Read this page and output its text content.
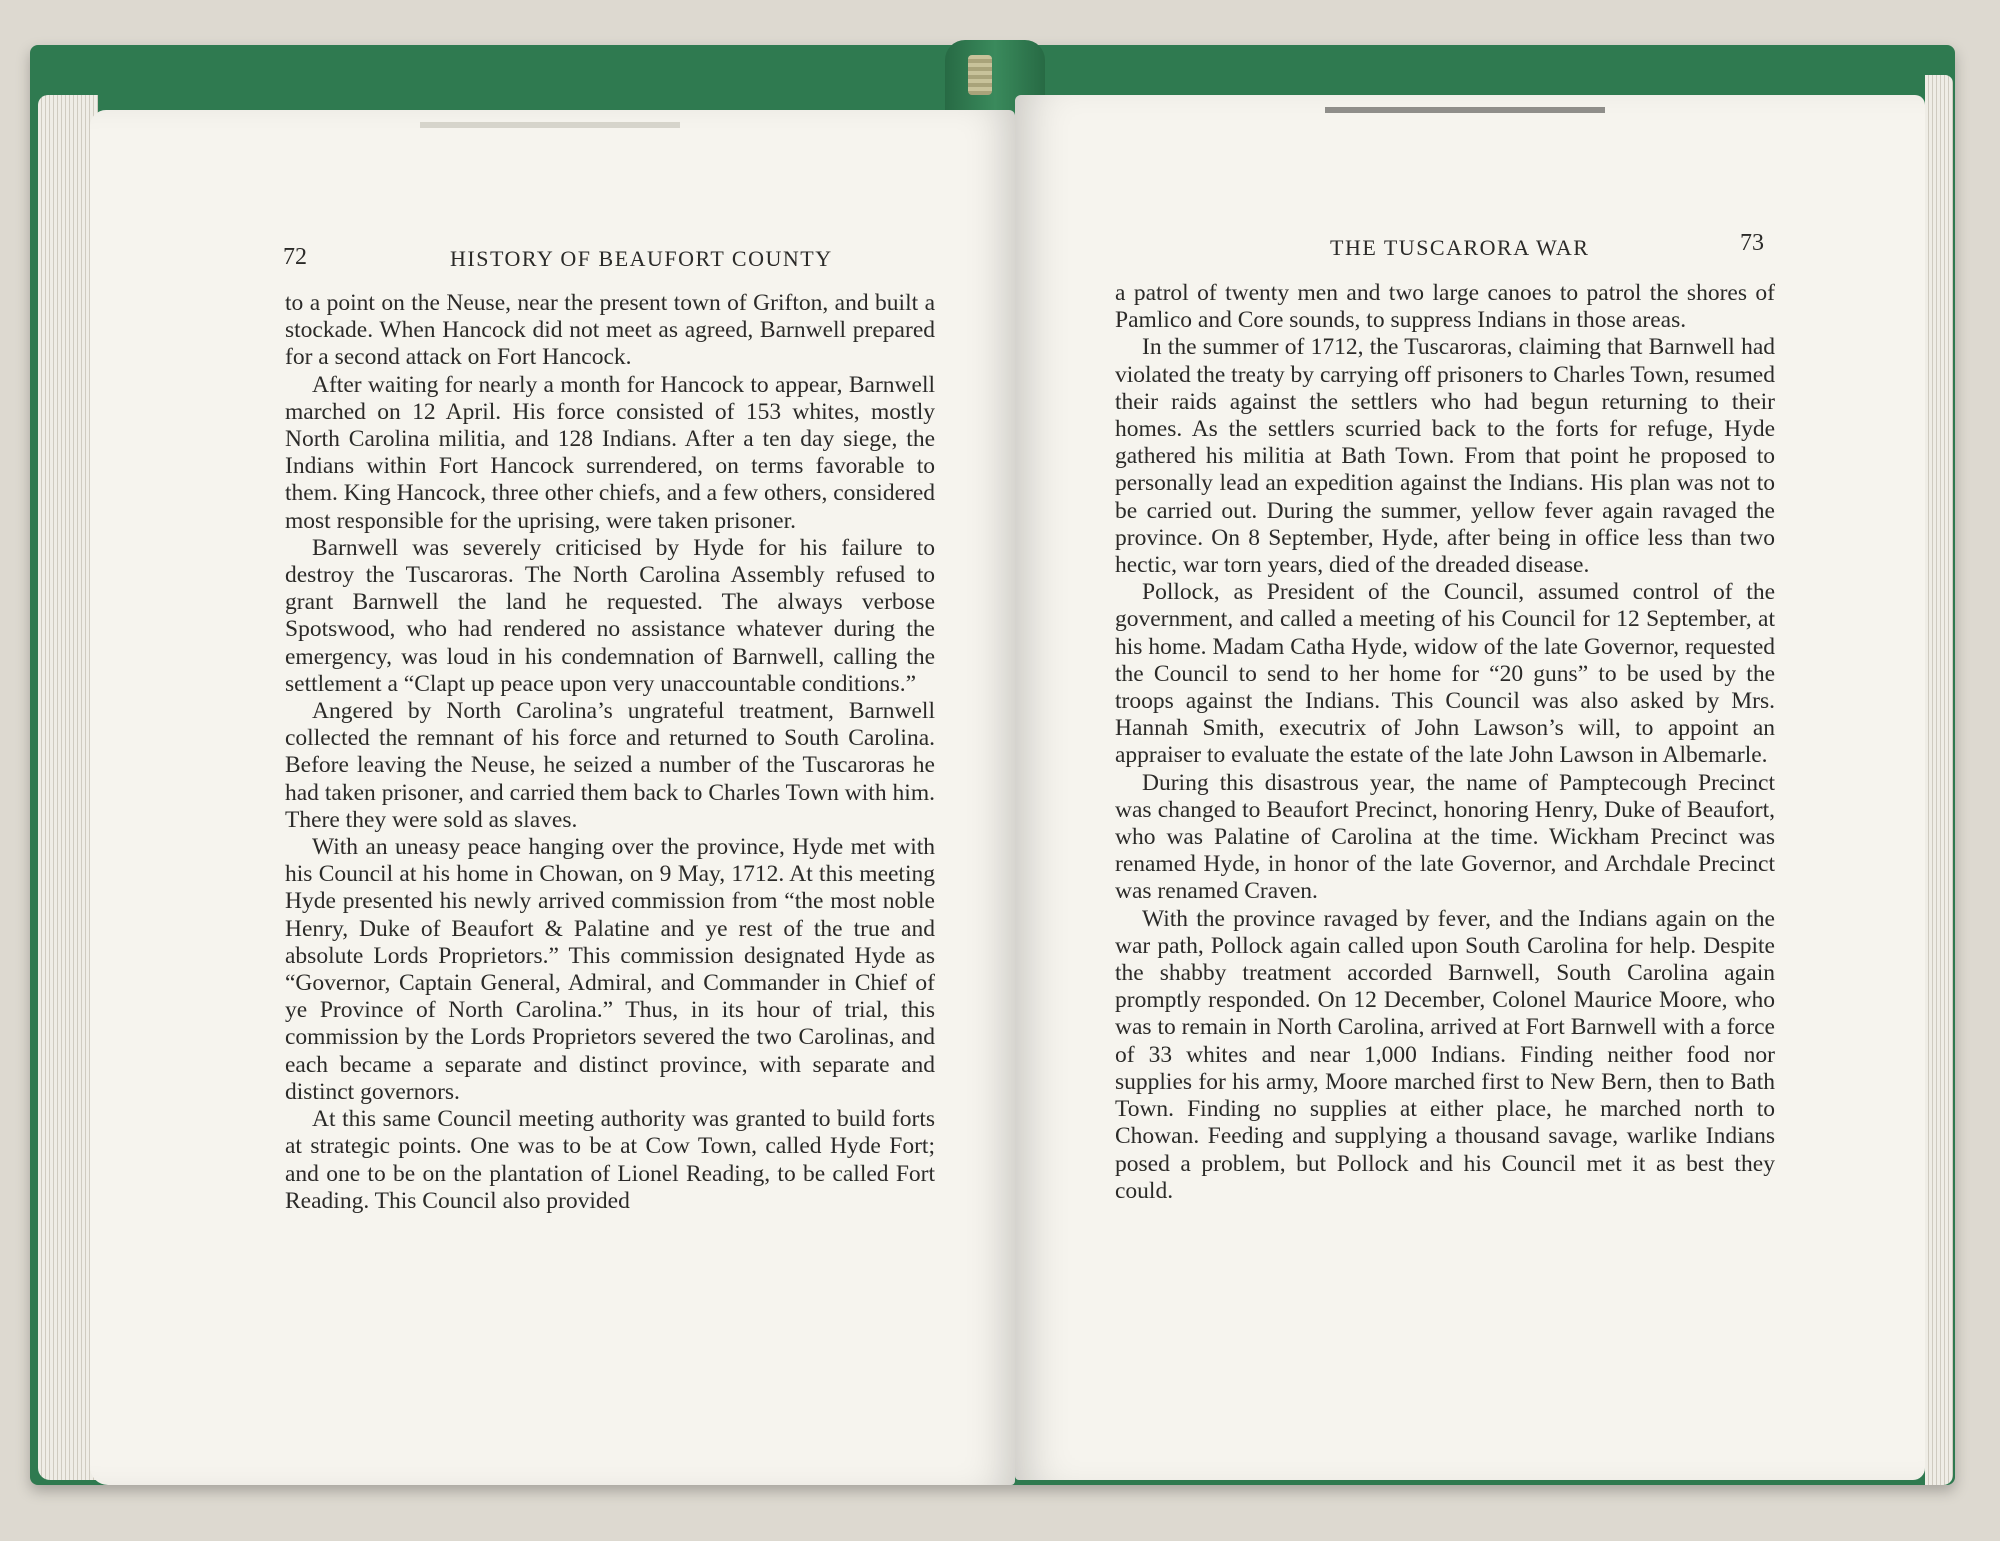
72	HISTORY OF BEAUFORT COUNTY

to a point on the Neuse, near the present town of Grifton, and built a stockade. When Hancock did not meet as agreed, Barnwell prepared for a second attack on Fort Hancock.

After waiting for nearly a month for Hancock to appear, Barnwell marched on 12 April. His force consisted of 153 whites, mostly North Carolina militia, and 128 Indians. After a ten day siege, the Indians within Fort Hancock surrendered, on terms favorable to them. King Hancock, three other chiefs, and a few others, considered most responsible for the uprising, were taken prisoner.

Barnwell was severely criticised by Hyde for his failure to destroy the Tuscaroras. The North Carolina Assembly refused to grant Barnwell the land he requested. The always verbose Spotswood, who had rendered no assistance whatever during the emergency, was loud in his condemnation of Barnwell, calling the settlement a “Clapt up peace upon very unaccountable conditions.”

Angered by North Carolina’s ungrateful treatment, Barnwell collected the remnant of his force and returned to South Carolina. Before leaving the Neuse, he seized a number of the Tuscaroras he had taken prisoner, and carried them back to Charles Town with him. There they were sold as slaves.

With an uneasy peace hanging over the province, Hyde met with his Council at his home in Chowan, on 9 May, 1712. At this meeting Hyde presented his newly arrived commission from “the most noble Henry, Duke of Beaufort & Palatine and ye rest of the true and absolute Lords Proprietors.” This commission designated Hyde as “Governor, Captain General, Admiral, and Commander in Chief of ye Province of North Carolina.” Thus, in its hour of trial, this commission by the Lords Proprietors severed the two Carolinas, and each became a separate and distinct province, with separate and distinct governors.

At this same Council meeting authority was granted to build forts at strategic points. One was to be at Cow Town, called Hyde Fort; and one to be on the plantation of Lionel Reading, to be called Fort Reading. This Council also provided

THE TUSCARORA WAR	73

a patrol of twenty men and two large canoes to patrol the shores of Pamlico and Core sounds, to suppress Indians in those areas.

In the summer of 1712, the Tuscaroras, claiming that Barnwell had violated the treaty by carrying off prisoners to Charles Town, resumed their raids against the settlers who had begun returning to their homes. As the settlers scurried back to the forts for refuge, Hyde gathered his militia at Bath Town. From that point he proposed to personally lead an expedition against the Indians. His plan was not to be carried out. During the summer, yellow fever again ravaged the province. On 8 September, Hyde, after being in office less than two hectic, war torn years, died of the dreaded disease.

Pollock, as President of the Council, assumed control of the government, and called a meeting of his Council for 12 September, at his home. Madam Catha Hyde, widow of the late Governor, requested the Council to send to her home for “20 guns” to be used by the troops against the Indians. This Council was also asked by Mrs. Hannah Smith, executrix of John Lawson’s will, to appoint an appraiser to evaluate the estate of the late John Lawson in Albemarle.

During this disastrous year, the name of Pamptecough Precinct was changed to Beaufort Precinct, honoring Henry, Duke of Beaufort, who was Palatine of Carolina at the time. Wickham Precinct was renamed Hyde, in honor of the late Governor, and Archdale Precinct was renamed Craven.

With the province ravaged by fever, and the Indians again on the war path, Pollock again called upon South Carolina for help. Despite the shabby treatment accorded Barnwell, South Carolina again promptly responded. On 12 December, Colonel Maurice Moore, who was to remain in North Carolina, arrived at Fort Barnwell with a force of 33 whites and near 1,000 Indians. Finding neither food nor supplies for his army, Moore marched first to New Bern, then to Bath Town. Finding no supplies at either place, he marched north to Chowan. Feeding and supplying a thousand savage, warlike Indians posed a problem, but Pollock and his Council met it as best they could.
